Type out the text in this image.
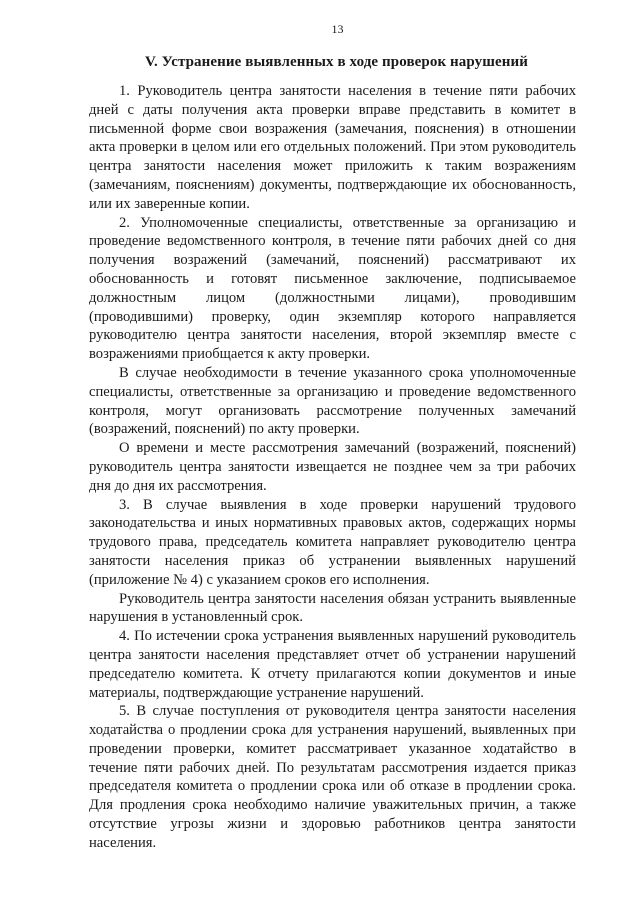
13
V. Устранение выявленных в ходе проверок нарушений

1. Руководитель центра занятости населения в течение пяти рабочих дней с даты получения акта проверки вправе представить в комитет в письменной форме свои возражения (замечания, пояснения) в отношении акта проверки в целом или его отдельных положений. При этом руководитель центра занятости населения может приложить к таким возражениям (замечаниям, пояснениям) документы, подтверждающие их обоснованность, или их заверенные копии.

2. Уполномоченные специалисты, ответственные за организацию и проведение ведомственного контроля, в течение пяти рабочих дней со дня получения возражений (замечаний, пояснений) рассматривают их обоснованность и готовят письменное заключение, подписываемое должностным лицом (должностными лицами), проводившим (проводившими) проверку, один экземпляр которого направляется руководителю центра занятости населения, второй экземпляр вместе с возражениями приобщается к акту проверки.

В случае необходимости в течение указанного срока уполномоченные специалисты, ответственные за организацию и проведение ведомственного контроля, могут организовать рассмотрение полученных замечаний (возражений, пояснений) по акту проверки.

О времени и месте рассмотрения замечаний (возражений, пояснений) руководитель центра занятости извещается не позднее чем за три рабочих дня до дня их рассмотрения.

3. В случае выявления в ходе проверки нарушений трудового законодательства и иных нормативных правовых актов, содержащих нормы трудового права, председатель комитета направляет руководителю центра занятости населения приказ об устранении выявленных нарушений (приложение № 4) с указанием сроков его исполнения.

Руководитель центра занятости населения обязан устранить выявленные нарушения в установленный срок.

4. По истечении срока устранения выявленных нарушений руководитель центра занятости населения представляет отчет об устранении нарушений председателю комитета. К отчету прилагаются копии документов и иные материалы, подтверждающие устранение нарушений.

5. В случае поступления от руководителя центра занятости населения ходатайства о продлении срока для устранения нарушений, выявленных при проведении проверки, комитет рассматривает указанное ходатайство в течение пяти рабочих дней. По результатам рассмотрения издается приказ председателя комитета о продлении срока или об отказе в продлении срока. Для продления срока необходимо наличие уважительных причин, а также отсутствие угрозы жизни и здоровью работников центра занятости населения.
